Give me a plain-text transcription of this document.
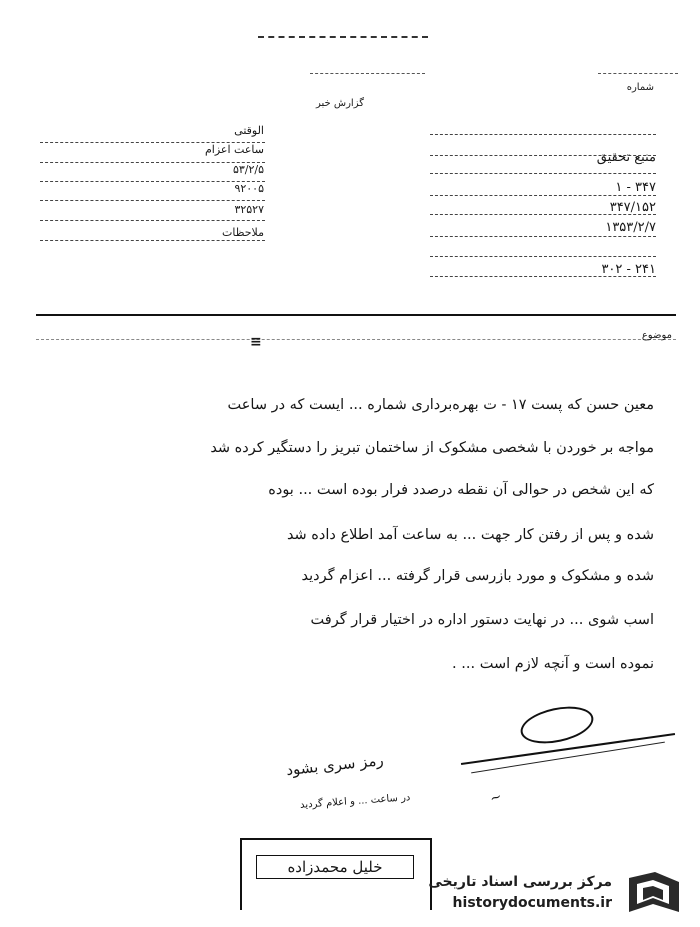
شماره
گزارش خبر
منبع تحقیق
۱ - ۳۴۷
۳۴۷/۱۵۲
۱۳۵۳/۲/۷
۳۰۲ - ۲۴۱
الوقتی
ساعت اعزام
۵۳/۲/۵
۹۲۰۰۵
۳۲۵۲۷
ملاحظات
موضوع
≡
معین حسن که پست ۱۷ - ت بهره‌برداری شماره ... ایست که در ساعت
مواجه بر خوردن با شخصی مشکوک از ساختمان تبریز را دستگیر کرده شد
که این شخص در حوالی آن نقطه درصدد فرار بوده است ... بوده
شده و پس از رفتن کار جهت ... به ساعت آمد اطلاع داده شد
شده و مشکوک و مورد بازرسی قرار گرفته ... اعزام گردید
اسب شوی ... در نهایت دستور اداره در اختیار قرار گرفت
نموده است و آنچه لازم است ... .
رمز سری بشود
در ساعت ... و اعلام گردید	~
خلیل محمدزاده
مرکز بررسی اسناد تاریخی
historydocuments.ir
